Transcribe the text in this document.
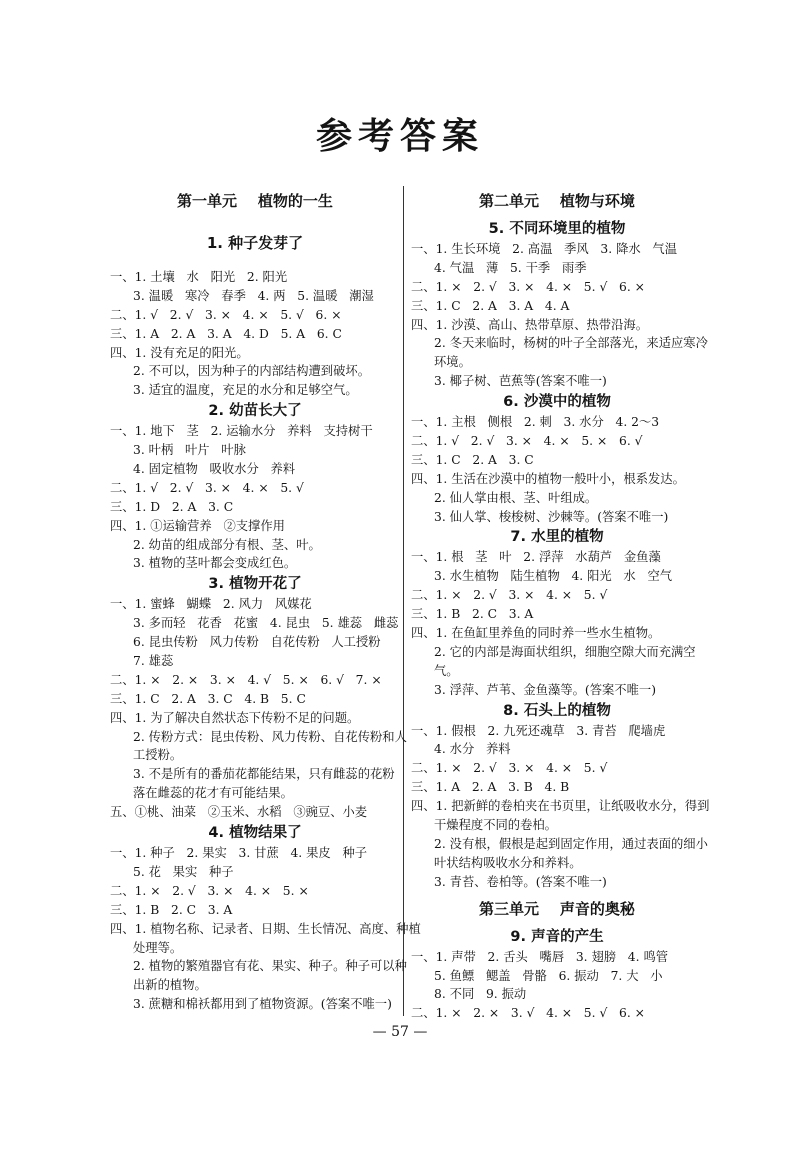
参考答案
第一单元    植物的一生
1. 种子发芽了
一、1. 土壤   水   阳光   2. 阳光
3. 温暖   寒冷   春季   4. 两   5. 温暖   潮湿
二、1. √   2. √   3. ×   4. ×   5. √   6. ×
三、1. A   2. A   3. A   4. D   5. A   6. C
四、1. 没有充足的阳光。
2. 不可以，因为种子的内部结构遭到破坏。
3. 适宜的温度，充足的水分和足够空气。
2. 幼苗长大了
一、1. 地下   茎   2. 运输水分   养料   支持树干
3. 叶柄   叶片   叶脉
4. 固定植物   吸收水分   养料
二、1. √   2. √   3. ×   4. ×   5. √
三、1. D   2. A   3. C
四、1. ①运输营养   ②支撑作用
2. 幼苗的组成部分有根、茎、叶。
3. 植物的茎叶都会变成红色。
3. 植物开花了
一、1. 蜜蜂   蝴蝶   2. 风力   风媒花
3. 多而轻   花香   花蜜   4. 昆虫   5. 雄蕊   雌蕊
6. 昆虫传粉   风力传粉   自花传粉   人工授粉
7. 雄蕊
二、1. ×   2. ×   3. ×   4. √   5. ×   6. √   7. ×
三、1. C   2. A   3. C   4. B   5. C
四、1. 为了解决自然状态下传粉不足的问题。
2. 传粉方式：昆虫传粉、风力传粉、自花传粉和人
工授粉。
3. 不是所有的番茄花都能结果，只有雌蕊的花粉
落在雌蕊的花才有可能结果。
五、①桃、油菜   ②玉米、水稻   ③豌豆、小麦
4. 植物结果了
一、1. 种子   2. 果实   3. 甘蔗   4. 果皮   种子
5. 花   果实   种子
二、1. ×   2. √   3. ×   4. ×   5. ×
三、1. B   2. C   3. A
四、1. 植物名称、记录者、日期、生长情况、高度、种植
处理等。
2. 植物的繁殖器官有花、果实、种子。种子可以种
出新的植物。
3. 蔗糖和棉袄都用到了植物资源。(答案不唯一)
第二单元    植物与环境
5. 不同环境里的植物
一、1. 生长环境   2. 高温   季风   3. 降水   气温
4. 气温   薄   5. 干季   雨季
二、1. ×   2. √   3. ×   4. ×   5. √   6. ×
三、1. C   2. A   3. A   4. A
四、1. 沙漠、高山、热带草原、热带沿海。
2. 冬天来临时，杨树的叶子全部落光，来适应寒冷
环境。
3. 椰子树、芭蕉等(答案不唯一)
6. 沙漠中的植物
一、1. 主根   侧根   2. 刺   3. 水分   4. 2～3
二、1. √   2. √   3. ×   4. ×   5. ×   6. √
三、1. C   2. A   3. C
四、1. 生活在沙漠中的植物一般叶小，根系发达。
2. 仙人掌由根、茎、叶组成。
3. 仙人掌、梭梭树、沙棘等。(答案不唯一)
7. 水里的植物
一、1. 根   茎   叶   2. 浮萍   水葫芦   金鱼藻
3. 水生植物   陆生植物   4. 阳光   水   空气
二、1. ×   2. √   3. ×   4. ×   5. √
三、1. B   2. C   3. A
四、1. 在鱼缸里养鱼的同时养一些水生植物。
2. 它的内部是海面状组织，细胞空隙大而充满空
气。
3. 浮萍、芦苇、金鱼藻等。(答案不唯一)
8. 石头上的植物
一、1. 假根   2. 九死还魂草   3. 青苔   爬墙虎
4. 水分   养料
二、1. ×   2. √   3. ×   4. ×   5. √
三、1. A   2. A   3. B   4. B
四、1. 把新鲜的卷柏夹在书页里，让纸吸收水分，得到
干燥程度不同的卷柏。
2. 没有根，假根是起到固定作用，通过表面的细小
叶状结构吸收水分和养料。
3. 青苔、卷柏等。(答案不唯一)
第三单元    声音的奥秘
9. 声音的产生
一、1. 声带   2. 舌头   嘴唇   3. 翅膀   4. 鸣管
5. 鱼鳔   鳃盖   骨骼   6. 振动   7. 大   小
8. 不同   9. 振动
二、1. ×   2. ×   3. √   4. ×   5. √   6. ×
— 57 —
